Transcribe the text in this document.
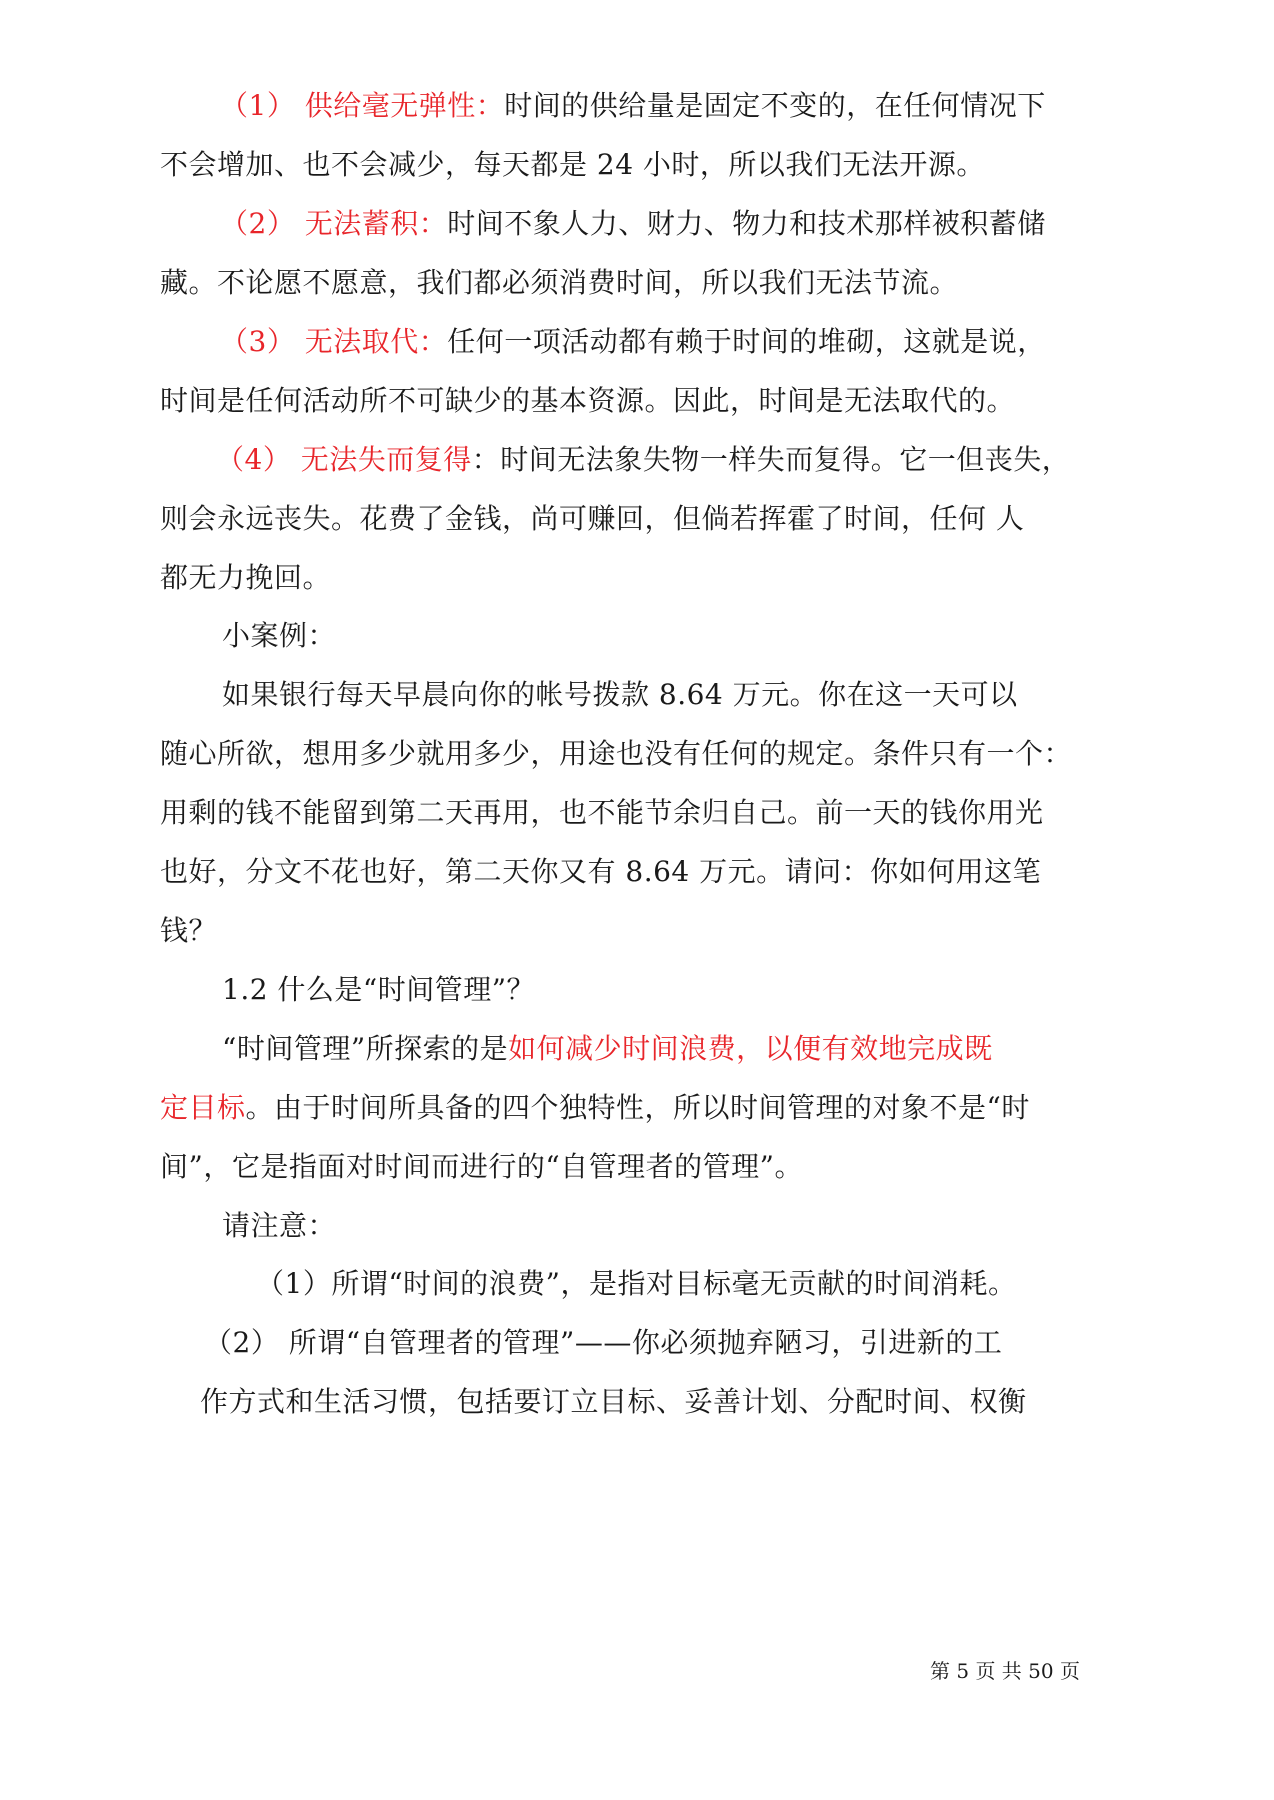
（1） 供给毫无弹性：时间的供给量是固定不变的，在任何情况下
不会增加、也不会减少，每天都是 24 小时，所以我们无法开源。
（2） 无法蓄积：时间不象人力、财力、物力和技术那样被积蓄储
藏。不论愿不愿意，我们都必须消费时间，所以我们无法节流。
（3） 无法取代：任何一项活动都有赖于时间的堆砌，这就是说，
时间是任何活动所不可缺少的基本资源。因此，时间是无法取代的。
（4） 无法失而复得：时间无法象失物一样失而复得。它一但丧失，
则会永远丧失。花费了金钱，尚可赚回，但倘若挥霍了时间，任何 人
都无力挽回。
小案例：
如果银行每天早晨向你的帐号拨款 8.64 万元。你在这一天可以
随心所欲，想用多少就用多少，用途也没有任何的规定。条件只有一个：
用剩的钱不能留到第二天再用，也不能节余归自己。前一天的钱你用光
也好，分文不花也好，第二天你又有 8.64 万元。请问：你如何用这笔
钱？
1.2 什么是“时间管理”？
“时间管理”所探索的是如何减少时间浪费，以便有效地完成既
定目标。由于时间所具备的四个独特性，所以时间管理的对象不是“时
间”，它是指面对时间而进行的“自管理者的管理”。
请注意：
（1）所谓“时间的浪费”，是指对目标毫无贡献的时间消耗。
（2） 所谓“自管理者的管理”——你必须抛弃陋习，引进新的工
作方式和生活习惯，包括要订立目标、妥善计划、分配时间、权衡
第 5 页 共 50 页
